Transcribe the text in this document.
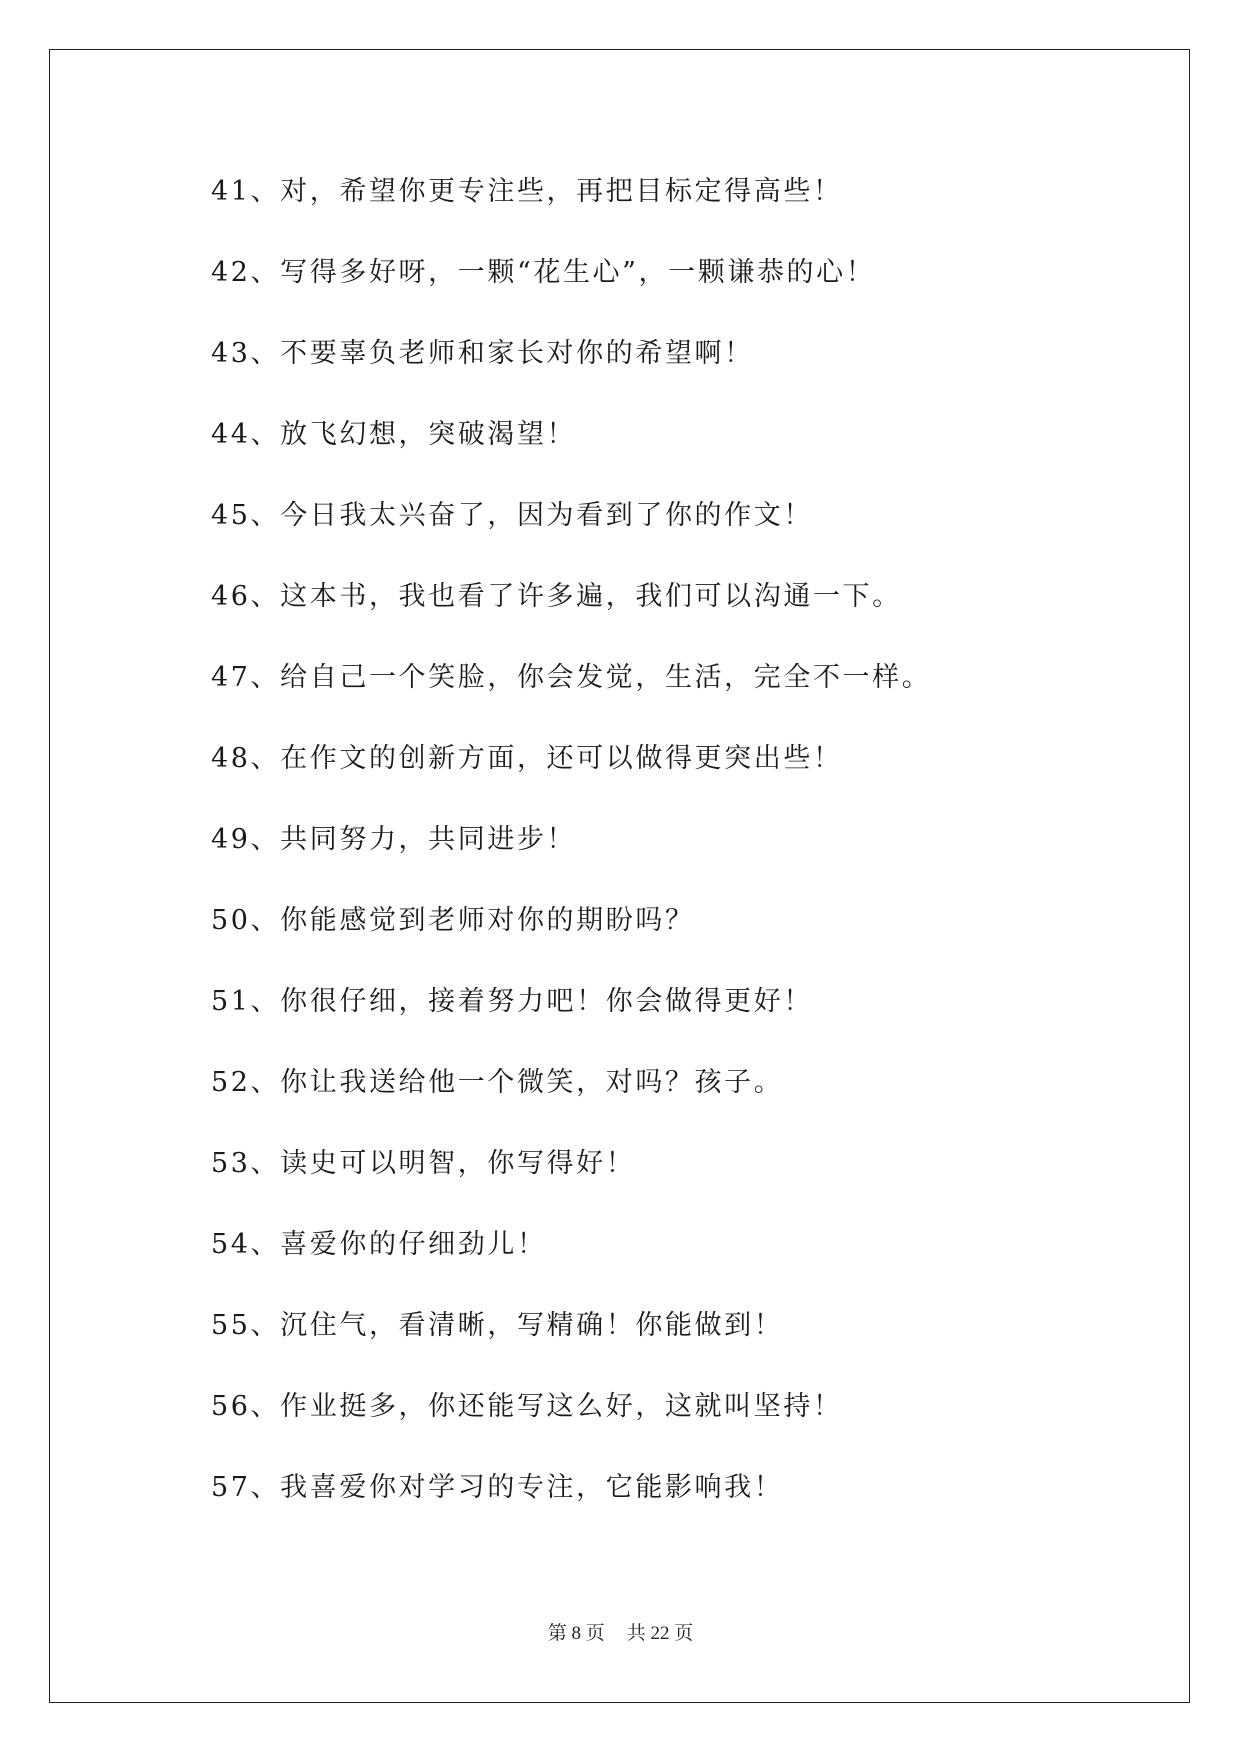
41、对，希望你更专注些，再把目标定得高些！
42、写得多好呀，一颗“花生心”，一颗谦恭的心！
43、不要辜负老师和家长对你的希望啊！
44、放飞幻想，突破渴望！
45、今日我太兴奋了，因为看到了你的作文！
46、这本书，我也看了许多遍，我们可以沟通一下。
47、给自己一个笑脸，你会发觉，生活，完全不一样。
48、在作文的创新方面，还可以做得更突出些！
49、共同努力，共同进步！
50、你能感觉到老师对你的期盼吗？
51、你很仔细，接着努力吧！你会做得更好！
52、你让我送给他一个微笑，对吗？孩子。
53、读史可以明智，你写得好！
54、喜爱你的仔细劲儿！
55、沉住气，看清晰，写精确！你能做到！
56、作业挺多，你还能写这么好，这就叫坚持！
57、我喜爱你对学习的专注，它能影响我！
第 8 页 共 22 页
